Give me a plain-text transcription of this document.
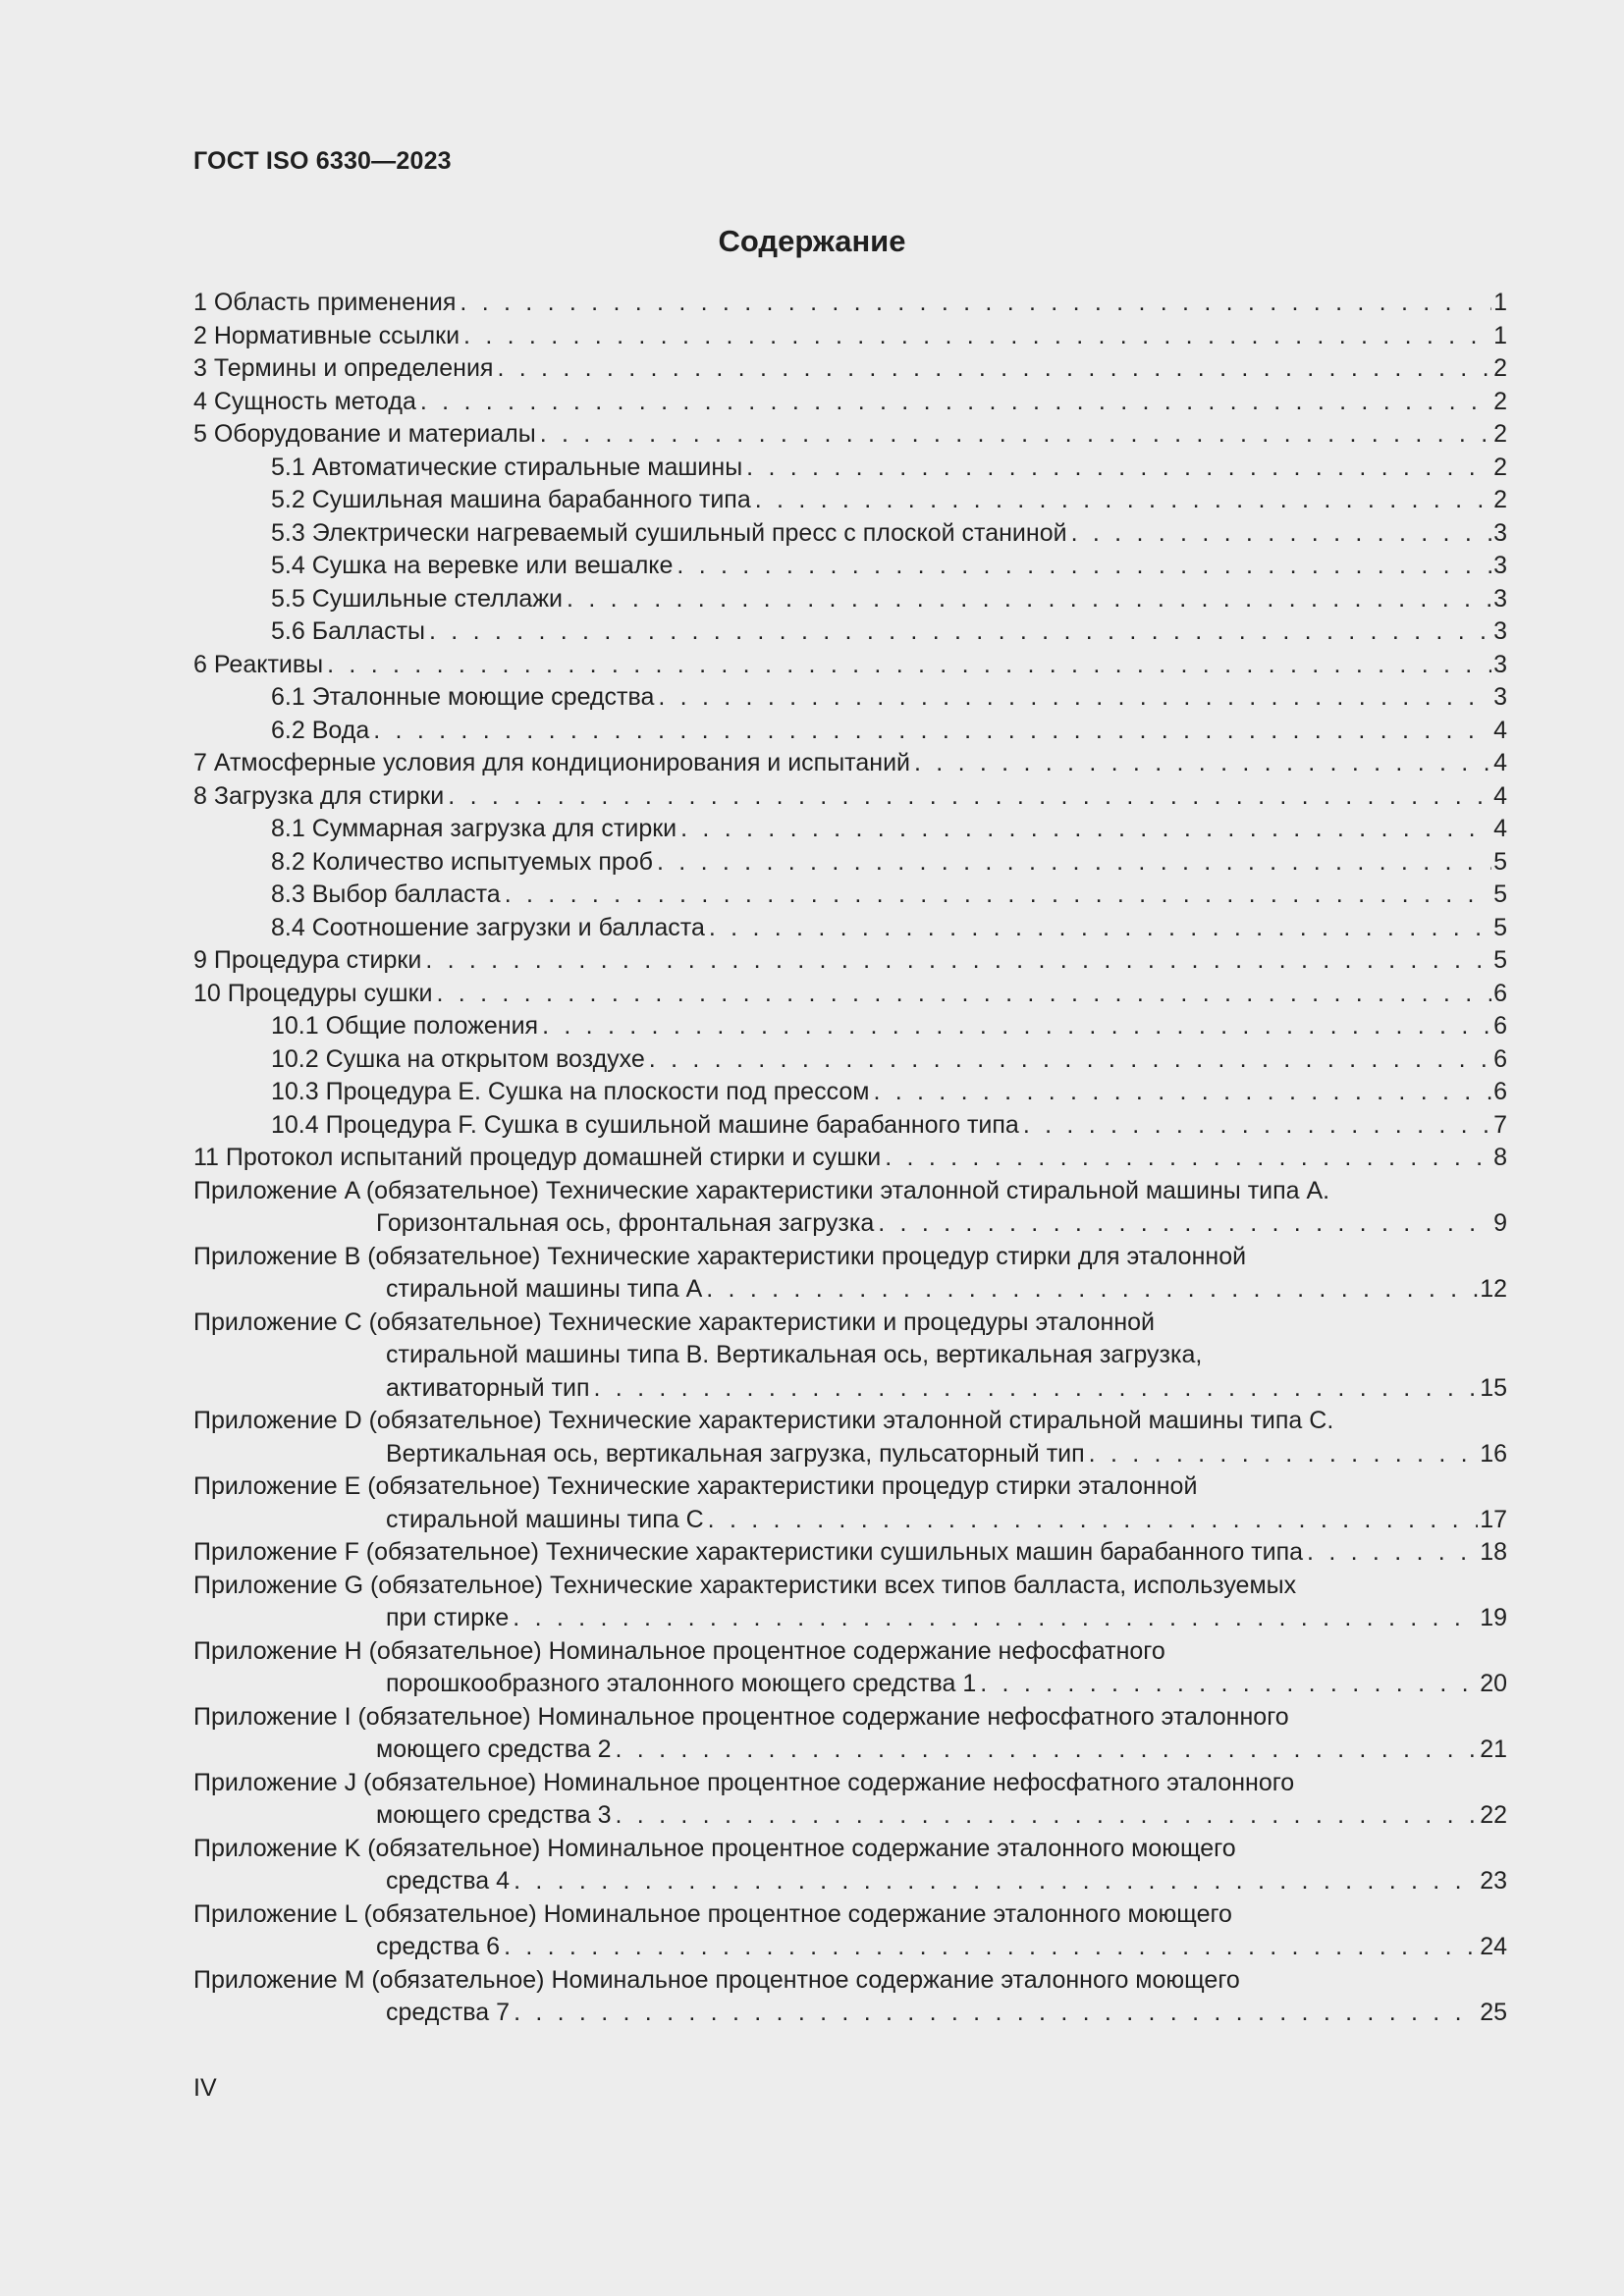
ГОСТ ISO 6330—2023
Содержание
1 Область применения . . .	1
2 Нормативные ссылки . . .	1
3 Термины и определения . . .	2
4 Сущность метода . . .	2
5 Оборудование и материалы . . .	2
5.1 Автоматические стиральные машины . . .	2
5.2 Сушильная машина барабанного типа . . .	2
5.3 Электрически нагреваемый сушильный пресс с плоской станиной . . .	3
5.4 Сушка на веревке или вешалке . . .	3
5.5 Сушильные стеллажи . . .	3
5.6 Балласты . . .	3
6 Реактивы . . .	3
6.1 Эталонные моющие средства . . .	3
6.2 Вода . . .	4
7 Атмосферные условия для кондиционирования и испытаний . . .	4
8 Загрузка для стирки . . .	4
8.1 Суммарная загрузка для стирки . . .	4
8.2 Количество испытуемых проб . . .	5
8.3 Выбор балласта . . .	5
8.4 Соотношение загрузки и балласта . . .	5
9 Процедура стирки . . .	5
10 Процедуры сушки . . .	6
10.1 Общие положения . . .	6
10.2 Сушка на открытом воздухе . . .	6
10.3 Процедура E. Сушка на плоскости под прессом . . .	6
10.4 Процедура F. Сушка в сушильной машине барабанного типа . . .	7
11 Протокол испытаний процедур домашней стирки и сушки . . .	8
Приложение A (обязательное) Технические характеристики эталонной стиральной машины типа A.
Горизонтальная ось, фронтальная загрузка . . .	9
Приложение B (обязательное) Технические характеристики процедур стирки для эталонной
стиральной машины типа A . . .	12
Приложение C (обязательное) Технические характеристики и процедуры эталонной
стиральной машины типа B. Вертикальная ось, вертикальная загрузка,
активаторный тип . . .	15
Приложение D (обязательное) Технические характеристики эталонной стиральной машины типа C.
Вертикальная ось, вертикальная загрузка, пульсаторный тип . . .	16
Приложение E (обязательное) Технические характеристики процедур стирки эталонной
стиральной машины типа C . . .	17
Приложение F (обязательное) Технические характеристики сушильных машин барабанного типа . . .	18
Приложение G (обязательное) Технические характеристики всех типов балласта, используемых
при стирке . . .	19
Приложение H (обязательное) Номинальное процентное содержание нефосфатного
порошкообразного эталонного моющего средства 1 . . .	20
Приложение I (обязательное) Номинальное процентное содержание нефосфатного эталонного
моющего средства 2 . . .	21
Приложение J (обязательное) Номинальное процентное содержание нефосфатного эталонного
моющего средства 3 . . .	22
Приложение K (обязательное) Номинальное процентное содержание эталонного моющего
средства 4 . . .	23
Приложение L (обязательное) Номинальное процентное содержание эталонного моющего
средства 6 . . .	24
Приложение M (обязательное) Номинальное процентное содержание эталонного моющего
средства 7 . . .	25
IV
